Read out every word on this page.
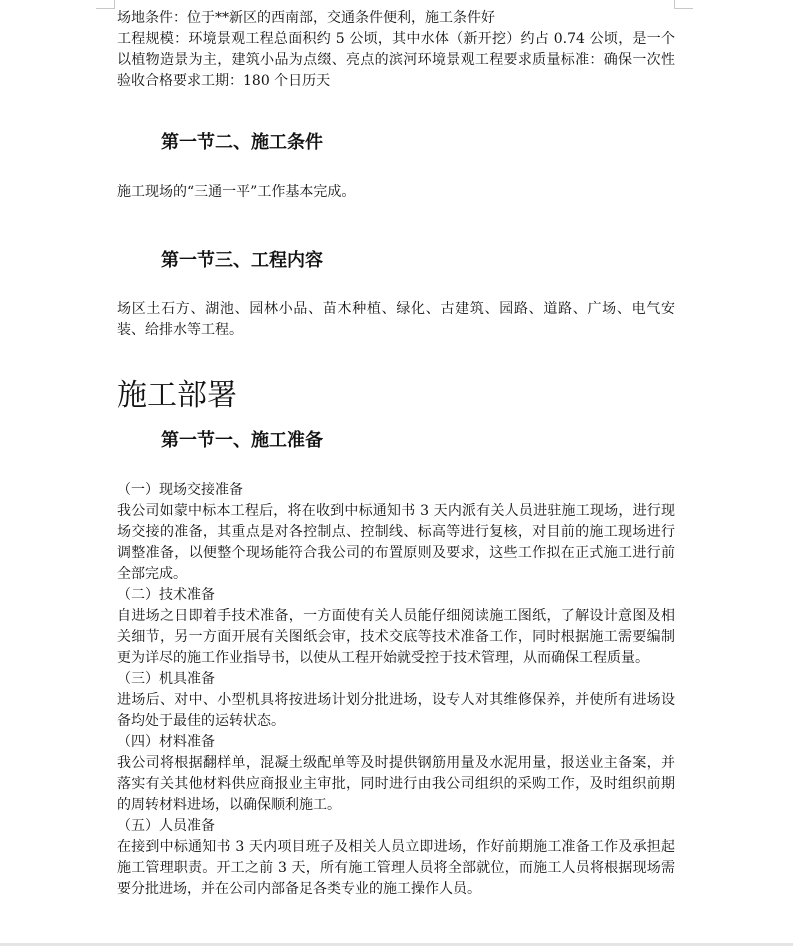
场地条件：位于**新区的西南部，交通条件便利，施工条件好

工程规模：环境景观工程总面积约 5 公顷，其中水体（新开挖）约占 0.74 公顷，是一个以植物造景为主，建筑小品为点缀、亮点的滨河环境景观工程要求质量标准：确保一次性验收合格要求工期：180 个日历天

第一节二、施工条件

施工现场的“三通一平”工作基本完成。

第一节三、工程内容

场区土石方、湖池、园林小品、苗木种植、绿化、古建筑、园路、道路、广场、电气安装、给排水等工程。

施工部署
第一节一、施工准备

（一）现场交接准备

我公司如蒙中标本工程后，将在收到中标通知书 3 天内派有关人员进驻施工现场，进行现场交接的准备，其重点是对各控制点、控制线、标高等进行复核，对目前的施工现场进行调整准备，以便整个现场能符合我公司的布置原则及要求，这些工作拟在正式施工进行前全部完成。

（二）技术准备

自进场之日即着手技术准备，一方面使有关人员能仔细阅读施工图纸，了解设计意图及相关细节，另一方面开展有关图纸会审，技术交底等技术准备工作，同时根据施工需要编制更为详尽的施工作业指导书，以使从工程开始就受控于技术管理，从而确保工程质量。

（三）机具准备

进场后、对中、小型机具将按进场计划分批进场，设专人对其维修保养，并使所有进场设备均处于最佳的运转状态。

（四）材料准备

我公司将根据翻样单，混凝土级配单等及时提供钢筋用量及水泥用量，报送业主备案，并落实有关其他材料供应商报业主审批，同时进行由我公司组织的采购工作，及时组织前期的周转材料进场，以确保顺利施工。

（五）人员准备

在接到中标通知书 3 天内项目班子及相关人员立即进场，作好前期施工准备工作及承担起施工管理职责。开工之前 3 天，所有施工管理人员将全部就位，而施工人员将根据现场需要分批进场，并在公司内部备足各类专业的施工操作人员。
